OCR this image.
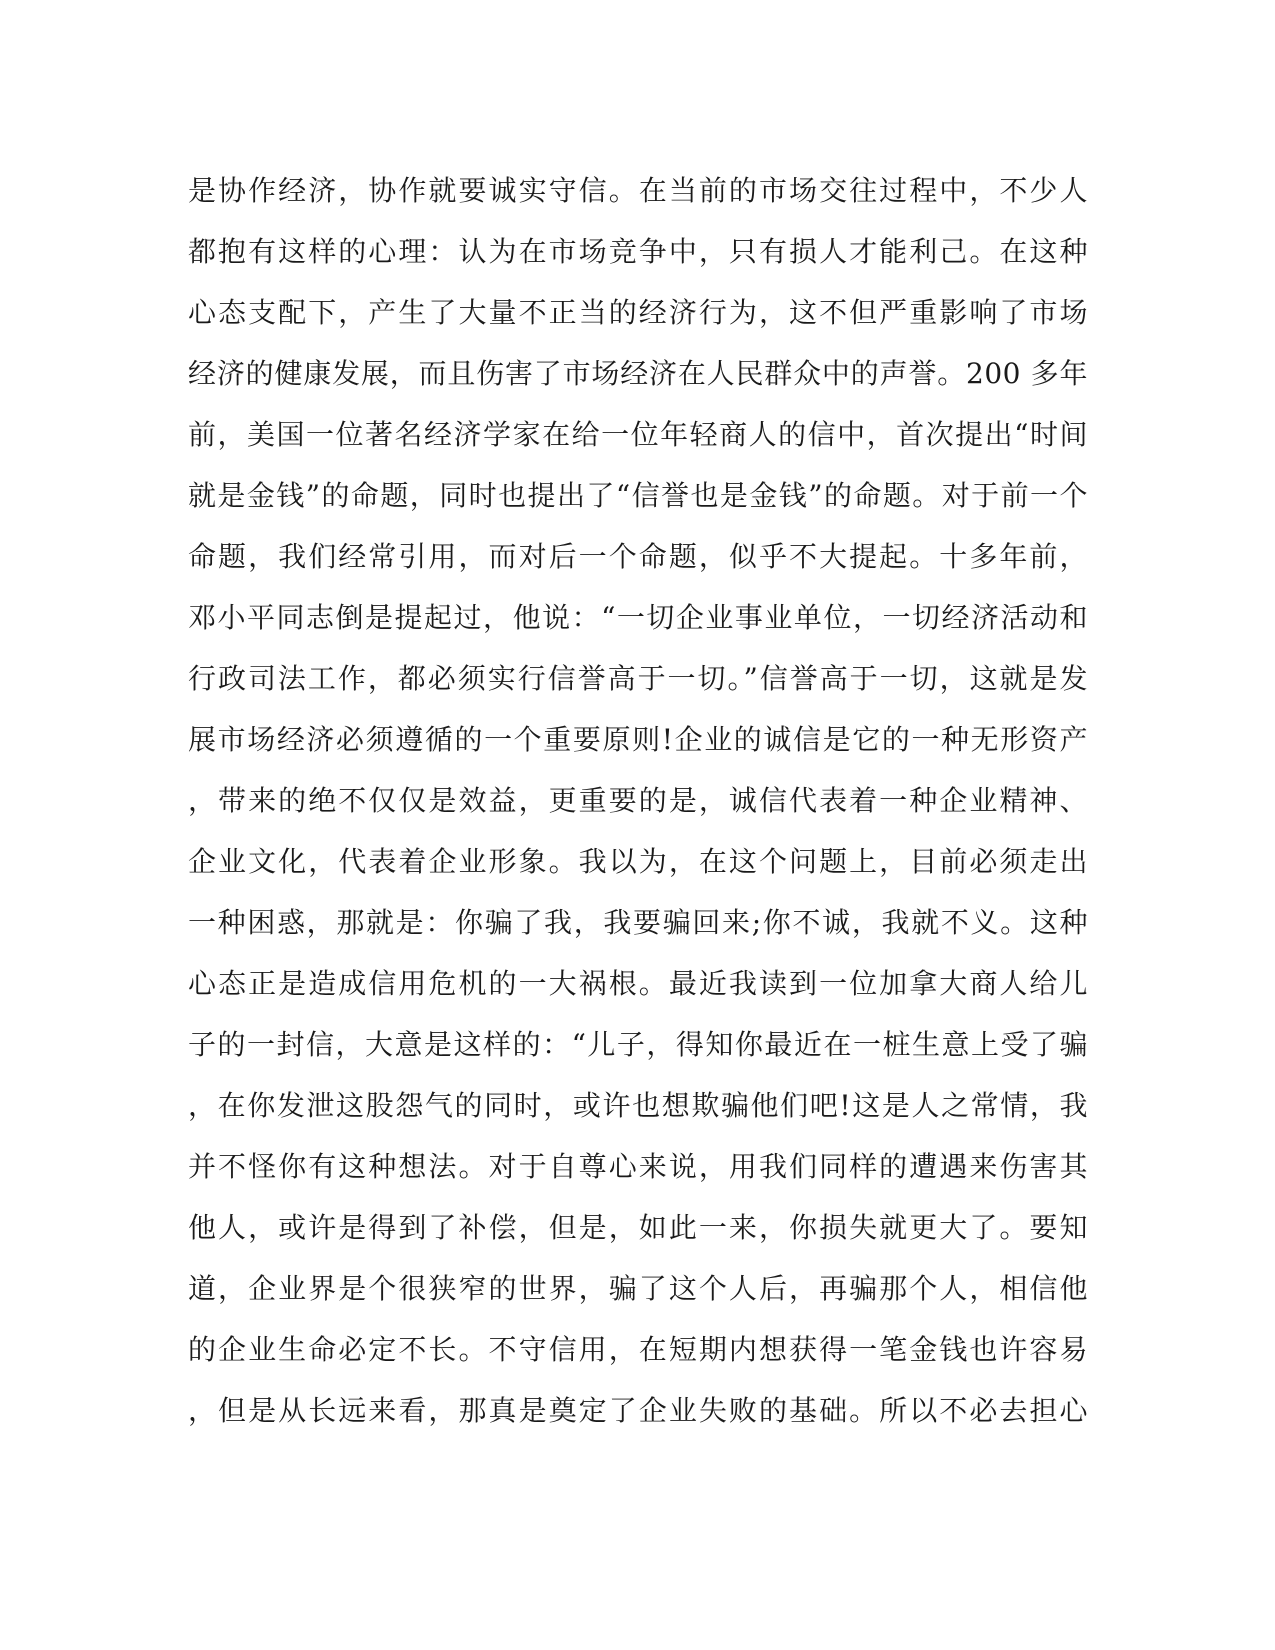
是协作经济，协作就要诚实守信。在当前的市场交往过程中，不少人
都抱有这样的心理：认为在市场竞争中，只有损人才能利己。在这种
心态支配下，产生了大量不正当的经济行为，这不但严重影响了市场
经济的健康发展，而且伤害了市场经济在人民群众中的声誉。200 多年
前，美国一位著名经济学家在给一位年轻商人的信中，首次提出“时间
就是金钱”的命题，同时也提出了“信誉也是金钱”的命题。对于前一个
命题，我们经常引用，而对后一个命题，似乎不大提起。十多年前，
邓小平同志倒是提起过，他说：“一切企业事业单位，一切经济活动和
行政司法工作，都必须实行信誉高于一切。”信誉高于一切，这就是发
展市场经济必须遵循的一个重要原则!企业的诚信是它的一种无形资产
，带来的绝不仅仅是效益，更重要的是，诚信代表着一种企业精神、
企业文化，代表着企业形象。我以为，在这个问题上，目前必须走出
一种困惑，那就是：你骗了我，我要骗回来;你不诚，我就不义。这种
心态正是造成信用危机的一大祸根。最近我读到一位加拿大商人给儿
子的一封信，大意是这样的：“儿子，得知你最近在一桩生意上受了骗
，在你发泄这股怨气的同时，或许也想欺骗他们吧!这是人之常情，我
并不怪你有这种想法。对于自尊心来说，用我们同样的遭遇来伤害其
他人，或许是得到了补偿，但是，如此一来，你损失就更大了。要知
道，企业界是个很狭窄的世界，骗了这个人后，再骗那个人，相信他
的企业生命必定不长。不守信用，在短期内想获得一笔金钱也许容易
，但是从长远来看，那真是奠定了企业失败的基础。所以不必去担心
